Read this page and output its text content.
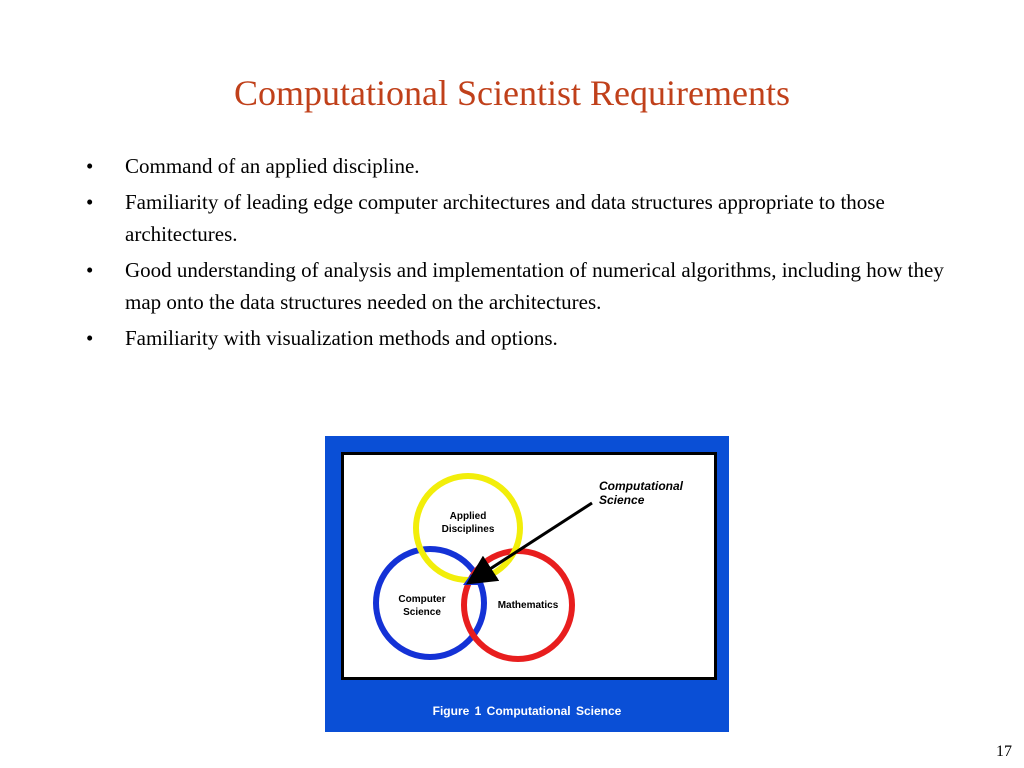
Computational Scientist Requirements
• Command of an applied discipline.
• Familiarity of leading edge computer architectures and data structures appropriate to those architectures.
• Good understanding of analysis and implementation of numerical algorithms, including how they map onto the data structures needed on the architectures.
• Familiarity with visualization methods and options.
Computational
Science
Applied
Disciplines
Computer
Science
Mathematics
Figure 1 Computational Science
17
